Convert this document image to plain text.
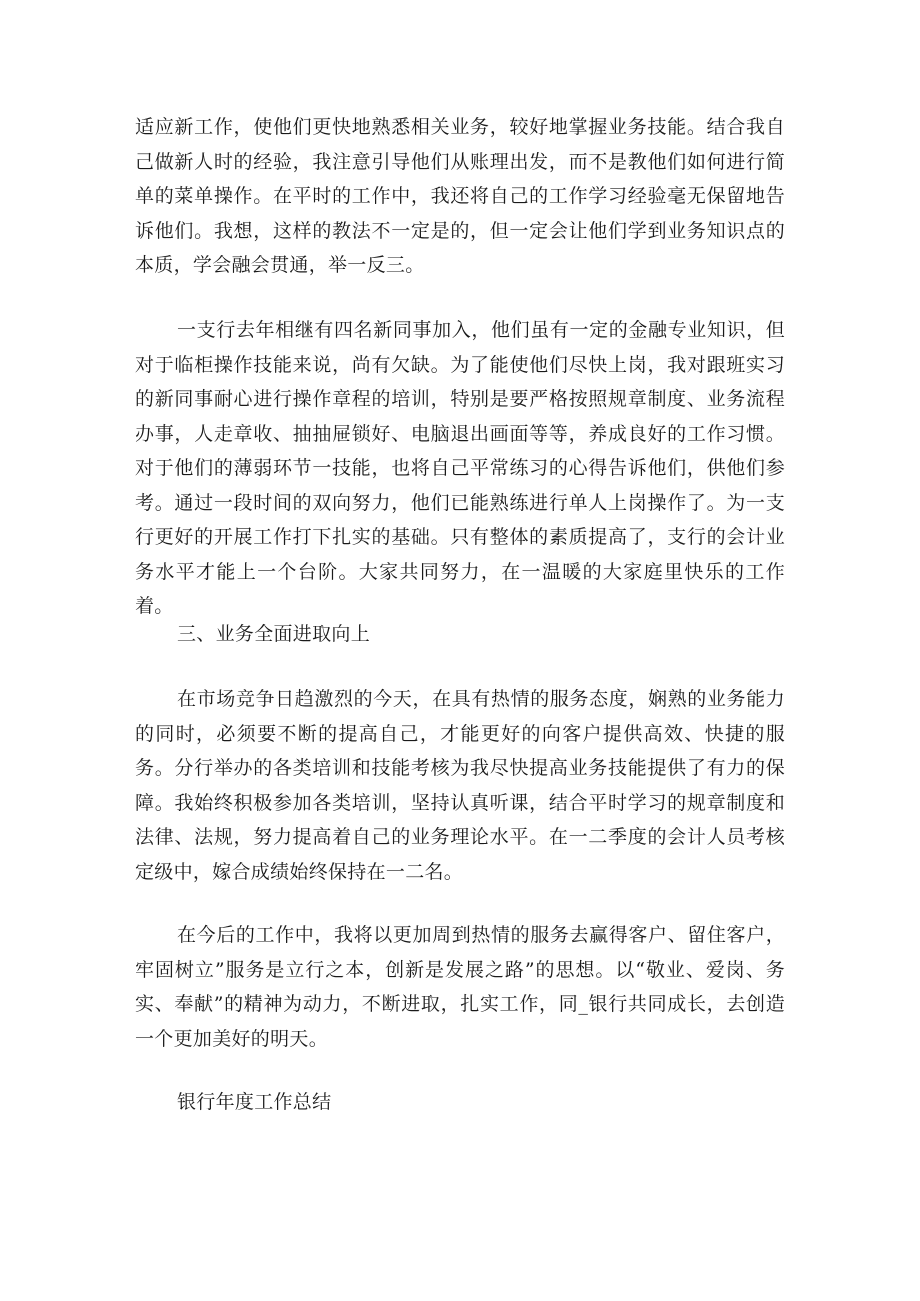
适应新工作，使他们更快地熟悉相关业务，较好地掌握业务技能。结合我自己做新人时的经验，我注意引导他们从账理出发，而不是教他们如何进行简单的菜单操作。在平时的工作中，我还将自己的工作学习经验毫无保留地告诉他们。我想，这样的教法不一定是的，但一定会让他们学到业务知识点的本质，学会融会贯通，举一反三。

一支行去年相继有四名新同事加入，他们虽有一定的金融专业知识，但对于临柜操作技能来说，尚有欠缺。为了能使他们尽快上岗，我对跟班实习的新同事耐心进行操作章程的培训，特别是要严格按照规章制度、业务流程办事，人走章收、抽抽屉锁好、电脑退出画面等等，养成良好的工作习惯。对于他们的薄弱环节一技能，也将自己平常练习的心得告诉他们，供他们参考。通过一段时间的双向努力，他们已能熟练进行单人上岗操作了。为一支行更好的开展工作打下扎实的基础。只有整体的素质提高了，支行的会计业务水平才能上一个台阶。大家共同努力，在一温暖的大家庭里快乐的工作着。

三、业务全面进取向上

在市场竞争日趋激烈的今天，在具有热情的服务态度，娴熟的业务能力的同时，必须要不断的提高自己，才能更好的向客户提供高效、快捷的服务。分行举办的各类培训和技能考核为我尽快提高业务技能提供了有力的保障。我始终积极参加各类培训，坚持认真听课，结合平时学习的规章制度和法律、法规，努力提高着自己的业务理论水平。在一二季度的会计人员考核定级中，嫁合成绩始终保持在一二名。

在今后的工作中，我将以更加周到热情的服务去赢得客户、留住客户，牢固树立”服务是立行之本，创新是发展之路”的思想。以“敬业、爱岗、务实、奉献”的精神为动力，不断进取，扎实工作，同_银行共同成长，去创造一个更加美好的明天。

银行年度工作总结
